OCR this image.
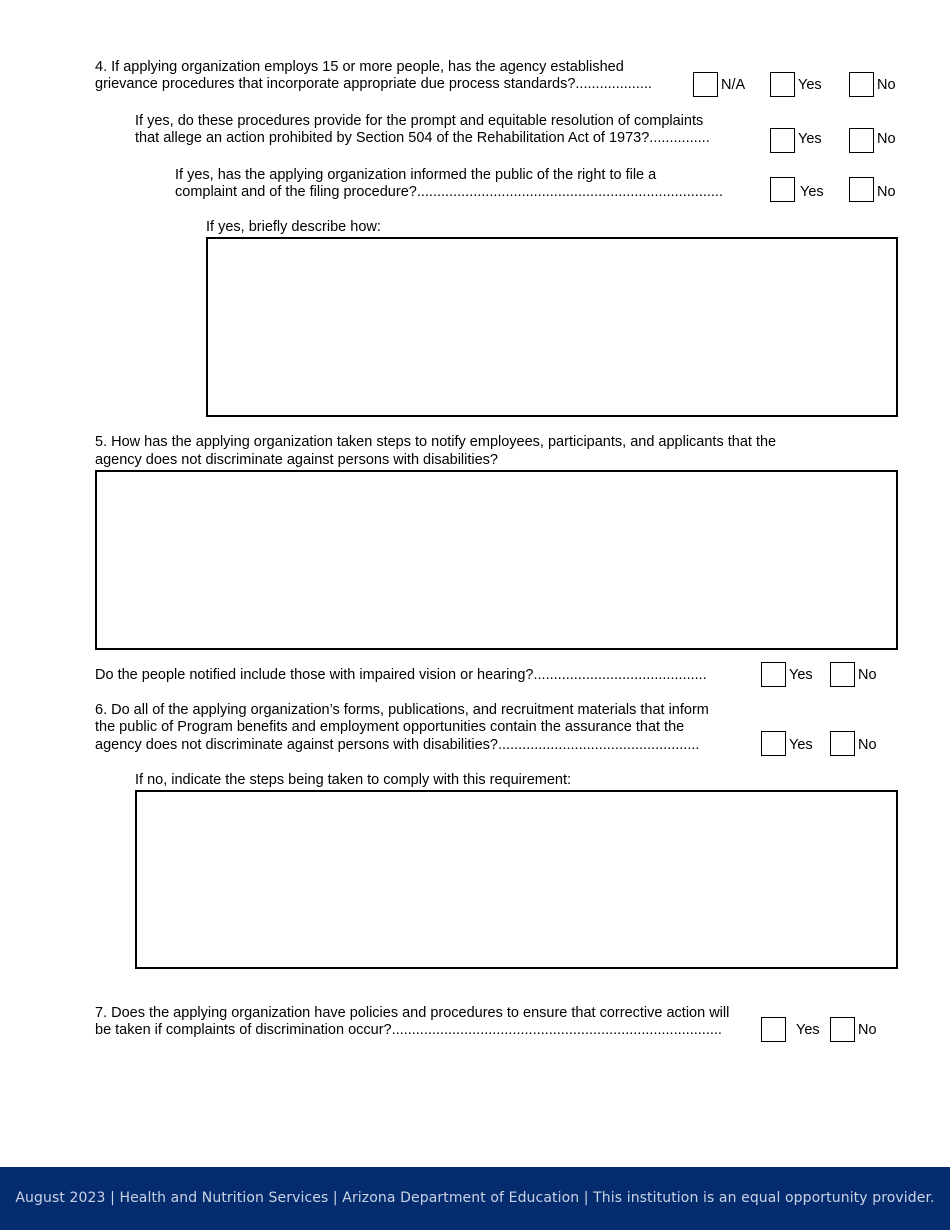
4. If applying organization employs 15 or more people, has the agency established
grievance procedures that incorporate appropriate due process standards?...................	N/A	Yes	No
If yes, do these procedures provide for the prompt and equitable resolution of complaints
that allege an action prohibited by Section 504 of the Rehabilitation Act of 1973?...............	Yes	No
If yes, has the applying organization informed the public of the right to file a
complaint and of the filing procedure?............................................................................	Yes	No
If yes, briefly describe how:
5. How has the applying organization taken steps to notify employees, participants, and applicants that the
agency does not discriminate against persons with disabilities?
Do the people notified include those with impaired vision or hearing?...........................................	Yes	No
6. Do all of the applying organization’s forms, publications, and recruitment materials that inform
the public of Program benefits and employment opportunities contain the assurance that the
agency does not discriminate against persons with disabilities?..................................................	Yes	No
If no, indicate the steps being taken to comply with this requirement:
7. Does the applying organization have policies and procedures to ensure that corrective action will
be taken if complaints of discrimination occur?..................................................................................	Yes	No
August 2023 | Health and Nutrition Services | Arizona Department of Education | This institution is an equal opportunity provider.
